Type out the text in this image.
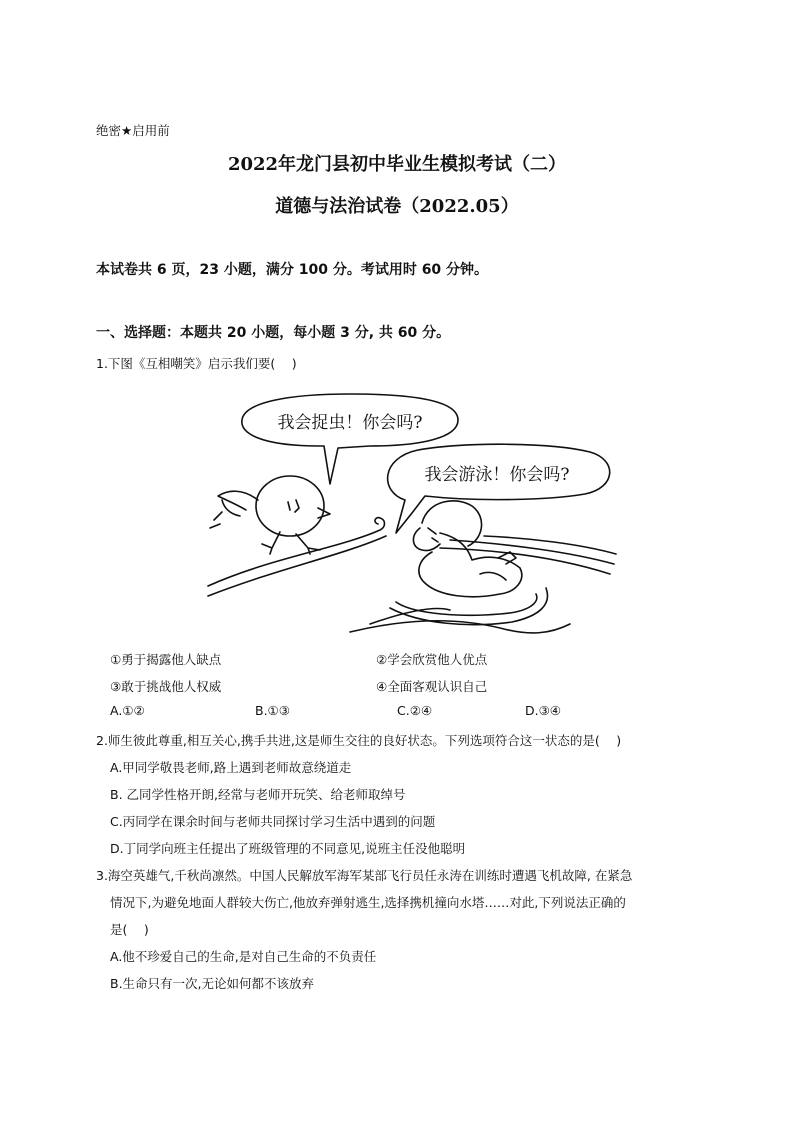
绝密★启用前
2022年龙门县初中毕业生模拟考试（二）
道德与法治试卷（2022.05）
本试卷共 6 页，23 小题，满分 100 分。考试用时 60 分钟。
一、选择题：本题共 20 小题，每小题 3 分, 共 60 分。
1.下图《互相嘲笑》启示我们要(　 )
我会捉虫！你会吗?
我会游泳！你会吗?
①勇于揭露他人缺点	②学会欣赏他人优点
③敢于挑战他人权威	④全面客观认识自己
A.①②	B.①③	C.②④	D.③④
2.师生彼此尊重,相互关心,携手共进,这是师生交往的良好状态。下列选项符合这一状态的是(　 )
A.甲同学敬畏老师,路上遇到老师故意绕道走
B. 乙同学性格开朗,经常与老师开玩笑、给老师取绰号
C.丙同学在课余时间与老师共同探讨学习生活中遇到的问题
D.丁同学向班主任提出了班级管理的不同意见,说班主任没他聪明
3.海空英雄气,千秋尚凛然。中国人民解放军海军某部飞行员任永涛在训练时遭遇飞机故障, 在紧急
情况下,为避免地面人群较大伤亡,他放弃弹射逃生,选择携机撞向水塔……对此,下列说法正确的
是(　 )
A.他不珍爱自己的生命,是对自己生命的不负责任
B.生命只有一次,无论如何都不该放弃
